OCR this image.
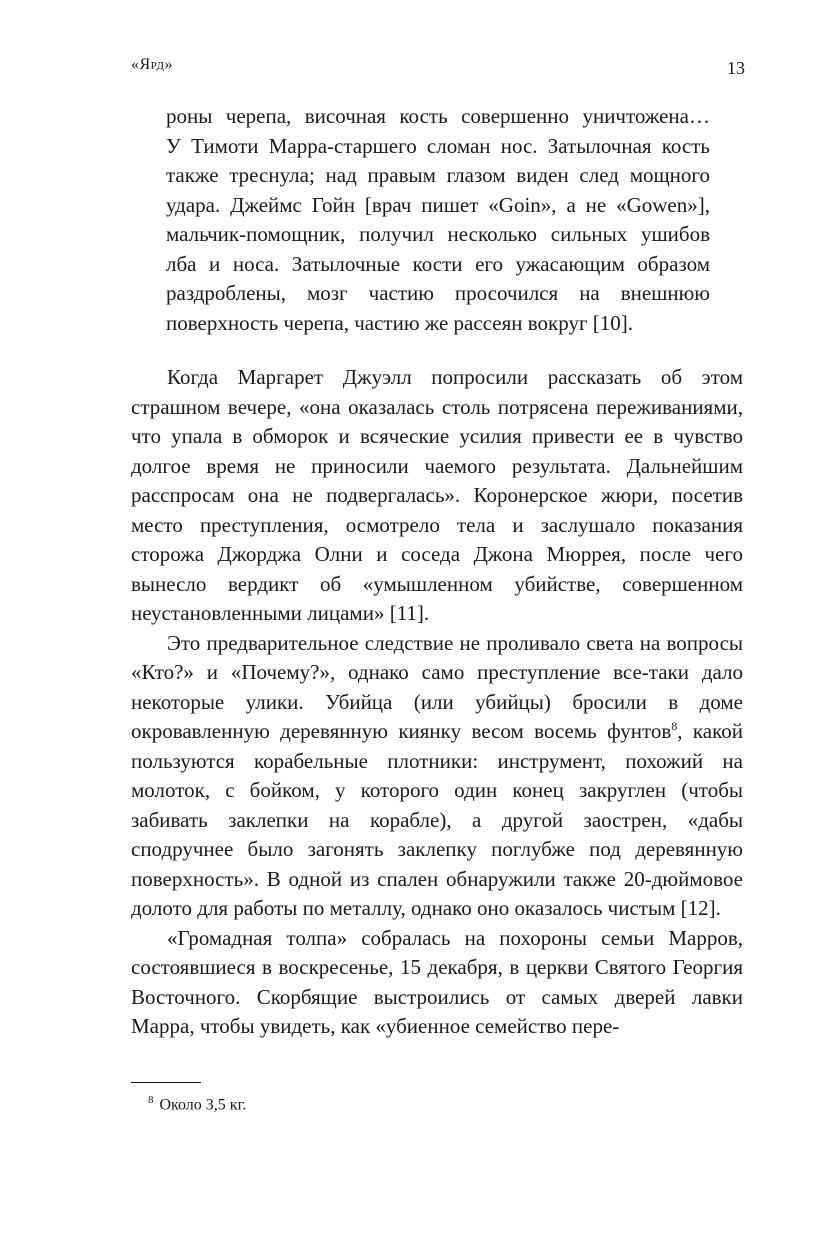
«Ярд»	13
роны черепа, височная кость совершенно уничтожена…
У Тимоти Марра-старшего сломан нос. Затылочная кость
также треснула; над правым глазом виден след мощного
удара. Джеймс Гойн [врач пишет «Goin», а не «Gowen»],
мальчик-помощник, получил несколько сильных ушибов
лба и носа. Затылочные кости его ужасающим образом
раздроблены, мозг частию просочился на внешнюю
поверхность черепа, частию же рассеян вокруг [10].

Когда Маргарет Джуэлл попросили рассказать об этом страшном вечере, «она оказалась столь потрясена переживаниями, что упала в обморок и всяческие усилия привести ее в чувство долгое время не приносили чаемого результата. Дальнейшим расспросам она не подвергалась». Коронерское жюри, посетив место преступления, осмотрело тела и заслушало показания сторожа Джорджа Олни и соседа Джона Мюррея, после чего вынесло вердикт об «умышленном убийстве, совершенном неустановленными лицами» [11].

Это предварительное следствие не проливало света на вопросы «Кто?» и «Почему?», однако само преступление все-таки дало некоторые улики. Убийца (или убийцы) бросили в доме окровавленную деревянную киянку весом восемь фунтов$^8$, какой пользуются корабельные плотники: инструмент, похожий на молоток, с бойком, у которого один конец закруглен (чтобы забивать заклепки на корабле), а другой заострен, «дабы сподручнее было загонять заклепку поглубже под деревянную поверхность». В одной из спален обнаружили также 20-дюймовое долото для работы по металлу, однако оно оказалось чистым [12].

«Громадная толпа» собралась на похороны семьи Марров, состоявшиеся в воскресенье, 15 декабря, в церкви Святого Георгия Восточного. Скорбящие выстроились от самых дверей лавки Марра, чтобы увидеть, как «убиенное семейство пере-

$^8$ Около 3,5 кг.
